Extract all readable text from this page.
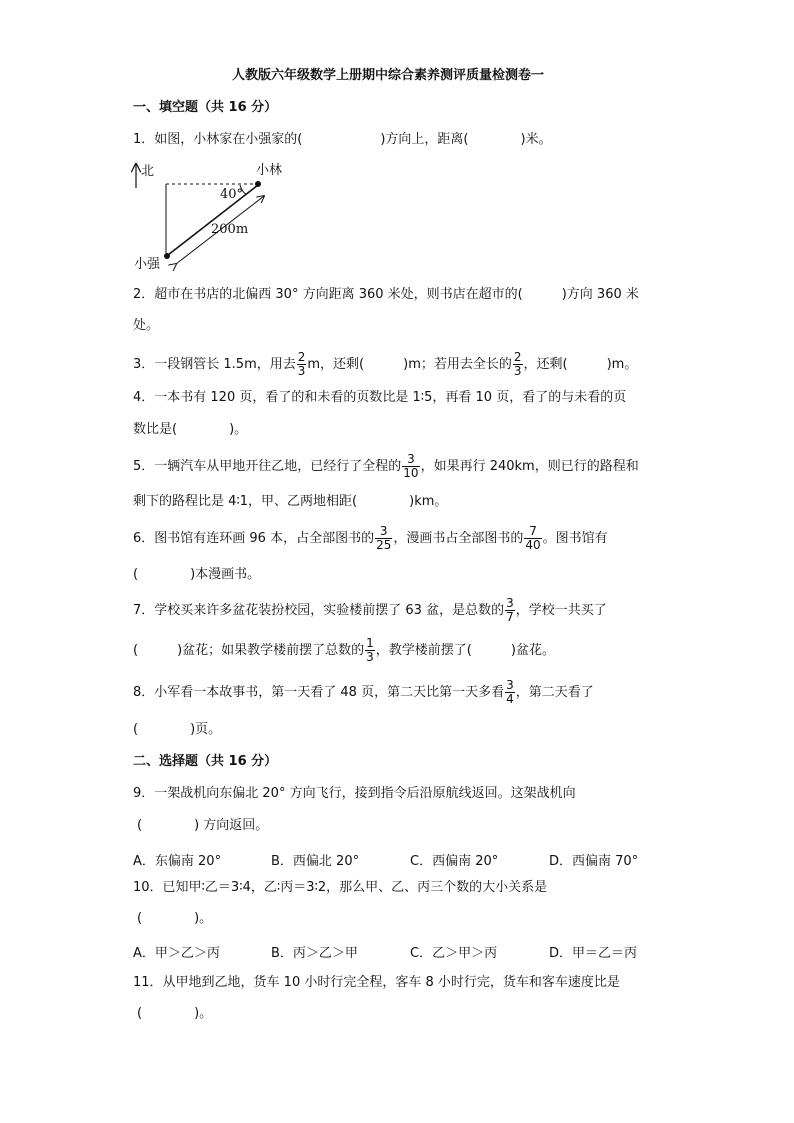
人教版六年级数学上册期中综合素养测评质量检测卷一
一、填空题（共 16 分）
1．如图，小林家在小强家的(　　　　　　)方向上，距离(　　　　)米。
北
40°
200m
小林
小强
2．超市在书店的北偏西 30° 方向距离 360 米处，则书店在超市的(　　　)方向 360 米
处。
3．一段钢管长 1.5m，用去 $\frac{2}{3}$ m，还剩(　　　)m；若用去全长的 $\frac{2}{3}$ ，还剩(　　　)m。
4．一本书有 120 页，看了的和未看的页数比是 1∶5，再看 10 页，看了的与未看的页
数比是(　　　　)。
5．一辆汽车从甲地开往乙地，已经行了全程的 $\frac{3}{10}$ ，如果再行 240km，则已行的路程和
剩下的路程比是 4∶1，甲、乙两地相距(　　　　)km。
6．图书馆有连环画 96 本，占全部图书的 $\frac{3}{25}$ ，漫画书占全部图书的 $\frac{7}{40}$ 。图书馆有
(　　　　)本漫画书。
7．学校买来许多盆花装扮校园，实验楼前摆了 63 盆，是总数的 $\frac{3}{7}$ ，学校一共买了
(　　　)盆花；如果教学楼前摆了总数的 $\frac{1}{3}$ ，教学楼前摆了(　　　)盆花。
8．小军看一本故事书，第一天看了 48 页，第二天比第一天多看 $\frac{3}{4}$ ，第二天看了
(　　　　)页。
二、选择题（共 16 分）
9．一架战机向东偏北 20° 方向飞行，接到指令后沿原航线返回。这架战机向
(　　　　) 方向返回。
A．东偏南 20°	B．西偏北 20°	C．西偏南 20°	D．西偏南 70°
10．已知甲∶乙＝3∶4，乙∶丙＝3∶2，那么甲、乙、丙三个数的大小关系是
(　　　　)。
A．甲＞乙＞丙	B．丙＞乙＞甲	C．乙＞甲＞丙	D．甲＝乙＝丙
11．从甲地到乙地，货车 10 小时行完全程，客车 8 小时行完，货车和客车速度比是
(　　　　)。
